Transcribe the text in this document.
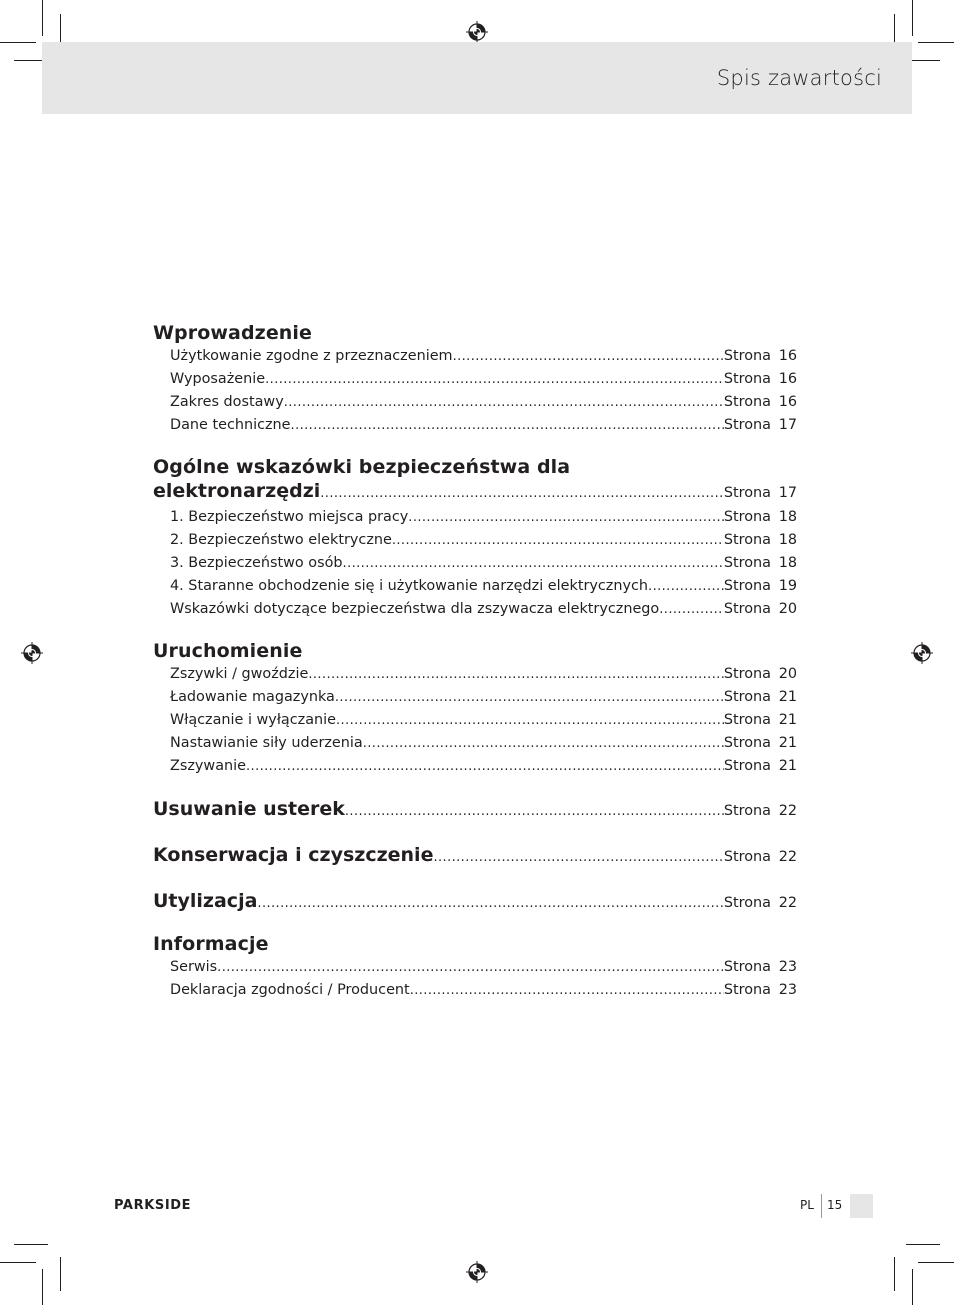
Spis zawartości
Wprowadzenie
Użytkowanie zgodne z przeznaczeniem .....	Strona 16
Wyposażenie .....	Strona 16
Zakres dostawy .....	Strona 16
Dane techniczne .....	Strona 17
Ogólne wskazówki bezpieczeństwa dla
elektronarzędzi .....	Strona 17
1. Bezpieczeństwo miejsca pracy .....	Strona 18
2. Bezpieczeństwo elektryczne .....	Strona 18
3. Bezpieczeństwo osób .....	Strona 18
4. Staranne obchodzenie się i użytkowanie narzędzi elektrycznych .....	Strona 19
Wskazówki dotyczące bezpieczeństwa dla zszywacza elektrycznego .....	Strona 20
Uruchomienie
Zszywki / gwoździe .....	Strona 20
Ładowanie magazynka .....	Strona 21
Włączanie i wyłączanie .....	Strona 21
Nastawianie siły uderzenia .....	Strona 21
Zszywanie .....	Strona 21
Usuwanie usterek .....	Strona 22
Konserwacja i czyszczenie .....	Strona 22
Utylizacja .....	Strona 22
Informacje
Serwis .....	Strona 23
Deklaracja zgodności / Producent .....	Strona 23
PARKSIDE	PL 15
